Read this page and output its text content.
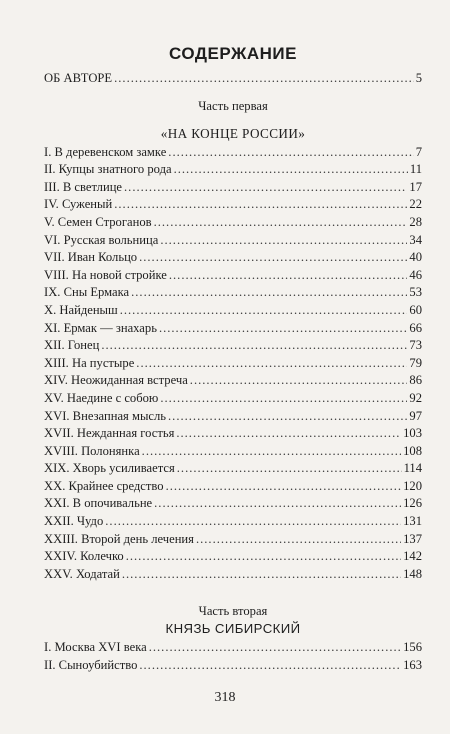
СОДЕРЖАНИЕ
ОБ АВТОРЕ .....	5
Часть первая
«НА КОНЦЕ РОССИИ»
I. В деревенском замке .....	7
II. Купцы знатного рода .....	11
III. В светлице .....	17
IV. Суженый .....	22
V. Семен Строганов .....	28
VI. Русская вольница .....	34
VII. Иван Кольцо .....	40
VIII. На новой стройке .....	46
IX. Сны Ермака .....	53
X. Найденыш .....	60
XI. Ермак — знахарь .....	66
XII. Гонец .....	73
XIII. На пустыре .....	79
XIV. Неожиданная встреча .....	86
XV. Наедине с собою .....	92
XVI. Внезапная мысль .....	97
XVII. Нежданная гостья .....	103
XVIII. Полонянка .....	108
XIX. Хворь усиливается .....	114
XX. Крайнее средство .....	120
XXI. В опочивальне .....	126
XXII. Чудо .....	131
XXIII. Второй день лечения .....	137
XXIV. Колечко .....	142
XXV. Ходатай .....	148
Часть вторая
КНЯЗЬ СИБИРСКИЙ
I. Москва XVI века .....	156
II. Сыноубийство .....	163
318
